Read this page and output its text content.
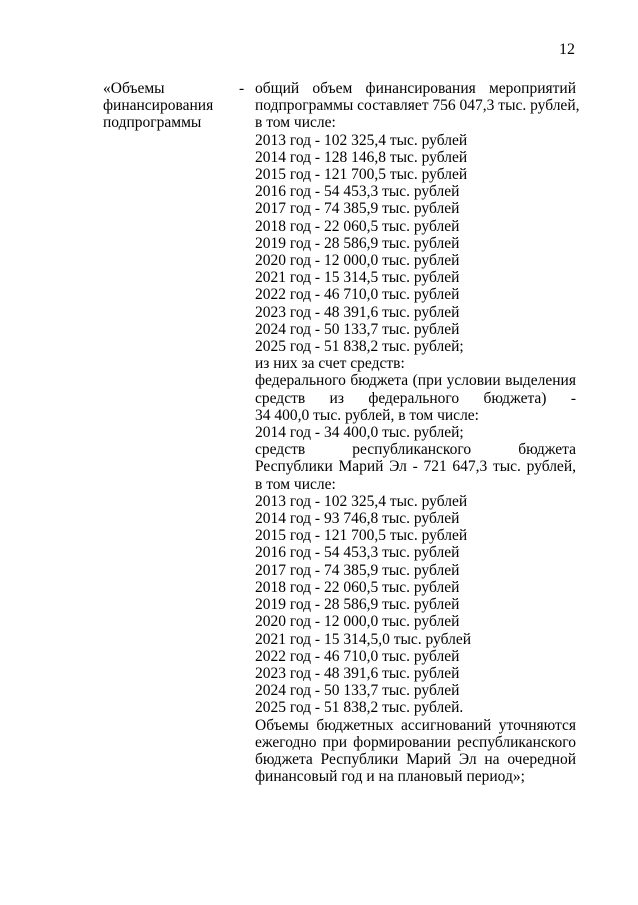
12
«Объемы
финансирования
подпрограммы
- общий объем финансирования мероприятий
подпрограммы составляет 756 047,3 тыс. рублей,
в том числе:
2013 год - 102 325,4 тыс. рублей
2014 год - 128 146,8 тыс. рублей
2015 год - 121 700,5 тыс. рублей
2016 год - 54 453,3 тыс. рублей
2017 год - 74 385,9 тыс. рублей
2018 год - 22 060,5 тыс. рублей
2019 год - 28 586,9 тыс. рублей
2020 год - 12 000,0 тыс. рублей
2021 год - 15 314,5 тыс. рублей
2022 год - 46 710,0 тыс. рублей
2023 год - 48 391,6 тыс. рублей
2024 год - 50 133,7 тыс. рублей
2025 год - 51 838,2 тыс. рублей;
из них за счет средств:
федерального бюджета (при условии выделения
средств из федерального бюджета) -
34 400,0 тыс. рублей, в том числе:
2014 год - 34 400,0 тыс. рублей;
средств республиканского бюджета
Республики Марий Эл - 721 647,3 тыс. рублей,
в том числе:
2013 год - 102 325,4 тыс. рублей
2014 год - 93 746,8 тыс. рублей
2015 год - 121 700,5 тыс. рублей
2016 год - 54 453,3 тыс. рублей
2017 год - 74 385,9 тыс. рублей
2018 год - 22 060,5 тыс. рублей
2019 год - 28 586,9 тыс. рублей
2020 год - 12 000,0 тыс. рублей
2021 год - 15 314,5,0 тыс. рублей
2022 год - 46 710,0 тыс. рублей
2023 год - 48 391,6 тыс. рублей
2024 год - 50 133,7 тыс. рублей
2025 год - 51 838,2 тыс. рублей.
Объемы бюджетных ассигнований уточняются
ежегодно при формировании республиканского
бюджета Республики Марий Эл на очередной
финансовый год и на плановый период»;
